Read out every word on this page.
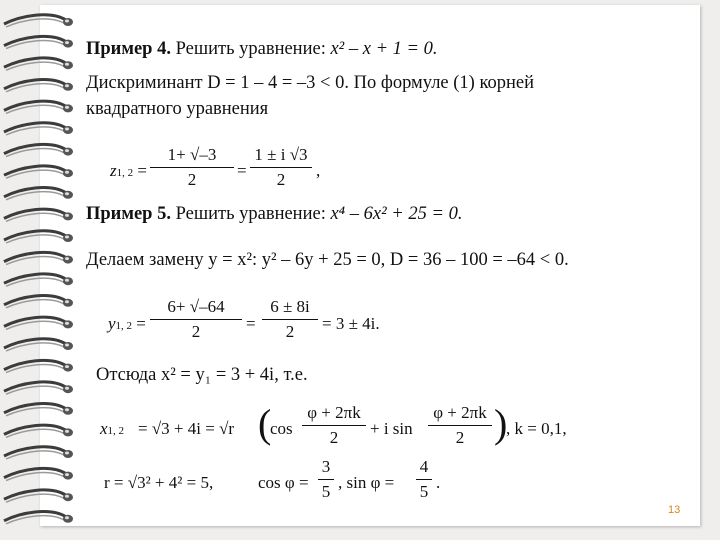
Пример 4. Решить уравнение: x² – x + 1 = 0.
Дискриминант D = 1 – 4 = –3 < 0. По формуле (1) корней
квадратного уравнения
z1, 2 =
1+ √–3
2	=
1 ± i √3
2	,
Пример 5. Решить уравнение: x⁴ – 6x² + 25 = 0.
Делаем замену y = x²: y² – 6y + 25 = 0, D = 36 – 100 = –64 < 0.
y1, 2 =
6+ √–64
2	=
6 ± 8i
2	= 3 ± 4i.
Отсюда x² = y₁ = 3 + 4i, т.е.
x1, 2 = √3 + 4i = √r (
cos
φ + 2πk
2	+ i sin
φ + 2πk
2 )
, k = 0,1,
r = √3² + 4² = 5,	cos φ =
3
5 , sin φ =
4
5 .
13
